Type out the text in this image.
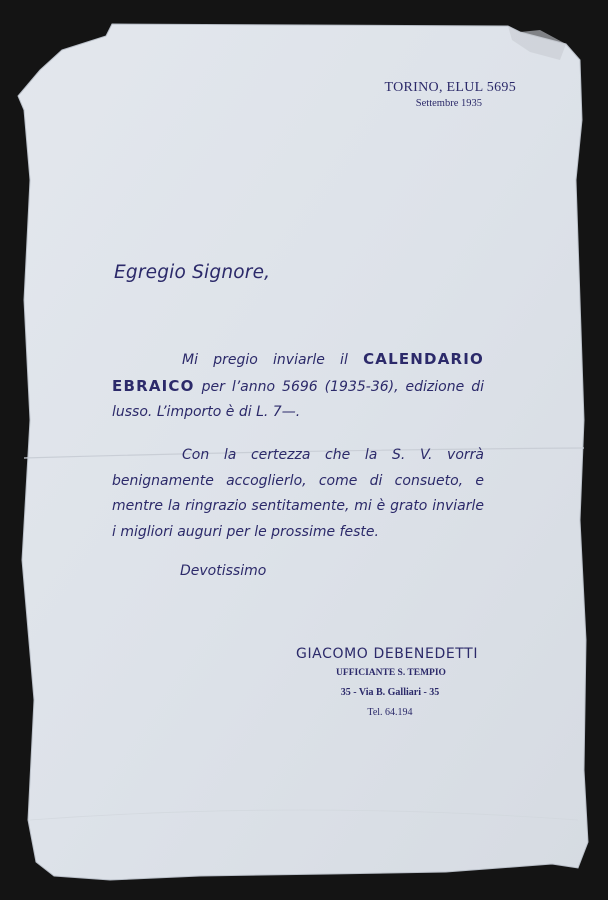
TORINO, ELUL 5695
Settembre 1935
Egregio Signore,
Mi pregio inviarle il CALENDARIO EBRAICO per l’anno 5696 (1935-36), edizione di lusso. L’importo è di L. 7—.
Con la certezza che la S. V. vorrà benignamente accoglierlo, come di consueto, e mentre la ringrazio sentitamente, mi è grato inviarle i migliori auguri per le prossime feste.
Devotissimo
GIACOMO DEBENEDETTI
UFFICIANTE S. TEMPIO
35 - Via B. Galliari - 35
Tel. 64.194
